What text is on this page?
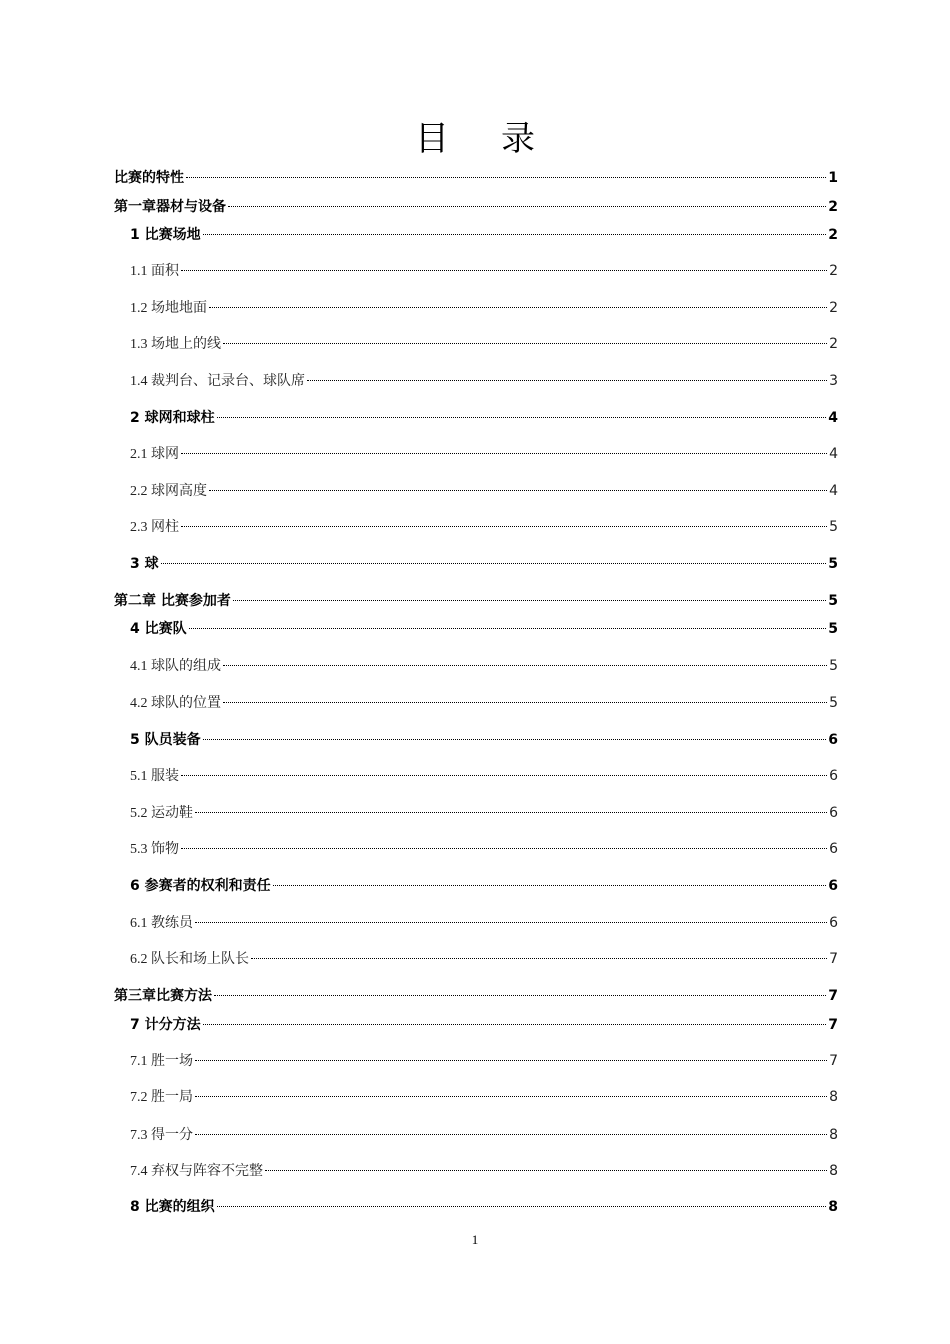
目录
比赛的特性	1
第一章器材与设备	2
1 比赛场地	2
1.1 面积	2
1.2 场地地面	2
1.3 场地上的线	2
1.4 裁判台、记录台、球队席	3
2 球网和球柱	4
2.1 球网	4
2.2 球网高度	4
2.3 网柱	5
3 球	5
第二章 比赛参加者	5
4 比赛队	5
4.1 球队的组成	5
4.2 球队的位置	5
5 队员装备	6
5.1 服装	6
5.2 运动鞋	6
5.3 饰物	6
6 参赛者的权利和责任	6
6.1 教练员	6
6.2 队长和场上队长	7
第三章比赛方法	7
7 计分方法	7
7.1 胜一场	7
7.2 胜一局	8
7.3 得一分	8
7.4 弃权与阵容不完整	8
8 比赛的组织	8
1
